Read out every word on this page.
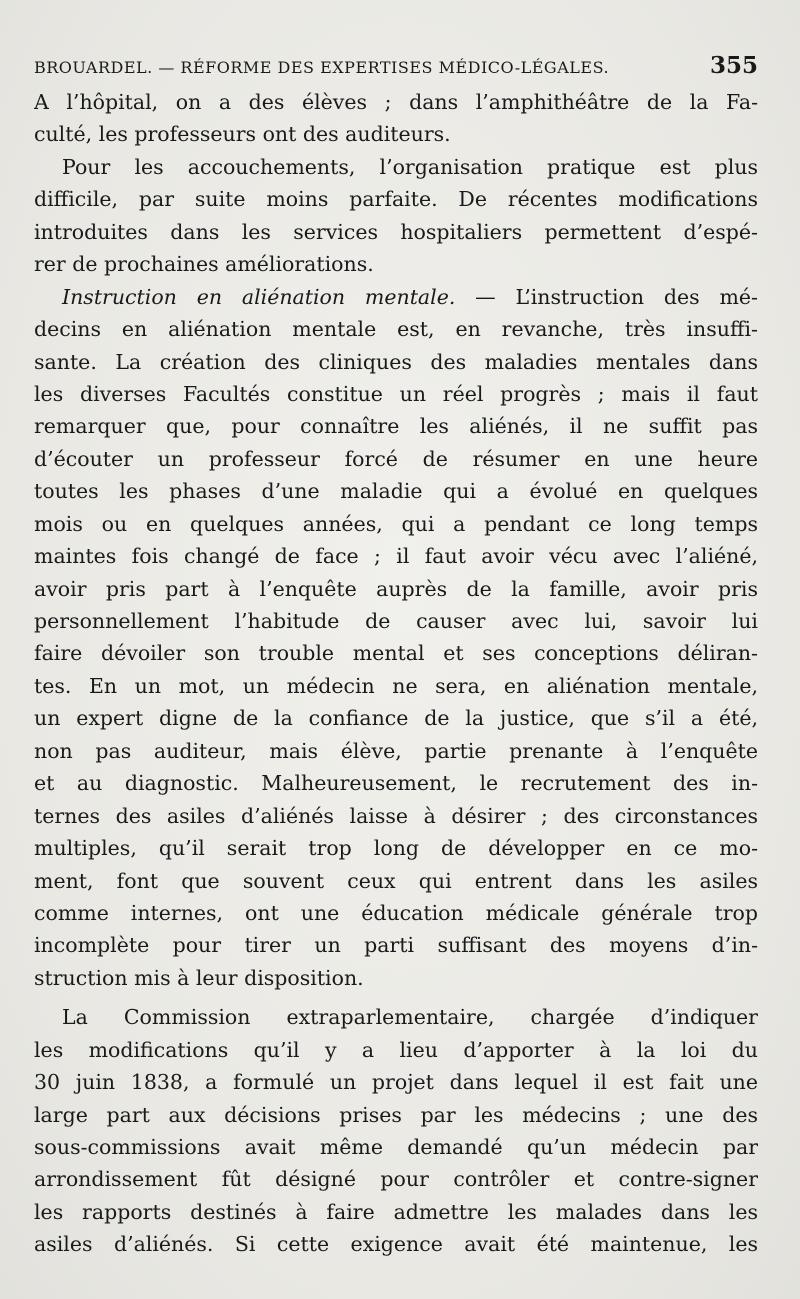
BROUARDEL. — RÉFORME DES EXPERTISES MÉDICO-LÉGALES.	355
A l’hôpital, on a des élèves ; dans l’amphithéâtre de la Fa-
culté, les professeurs ont des auditeurs.
Pour les accouchements, l’organisation pratique est plus
difficile, par suite moins parfaite. De récentes modifications
introduites dans les services hospitaliers permettent d’espé-
rer de prochaines améliorations.
Instruction en aliénation mentale. — L’instruction des mé-
decins en aliénation mentale est, en revanche, très insuffi-
sante. La création des cliniques des maladies mentales dans
les diverses Facultés constitue un réel progrès ; mais il faut
remarquer que, pour connaître les aliénés, il ne suffit pas
d’écouter un professeur forcé de résumer en une heure
toutes les phases d’une maladie qui a évolué en quelques
mois ou en quelques années, qui a pendant ce long temps
maintes fois changé de face ; il faut avoir vécu avec l’aliéné,
avoir pris part à l’enquête auprès de la famille, avoir pris
personnellement l’habitude de causer avec lui, savoir lui
faire dévoiler son trouble mental et ses conceptions déliran-
tes. En un mot, un médecin ne sera, en aliénation mentale,
un expert digne de la confiance de la justice, que s’il a été,
non pas auditeur, mais élève, partie prenante à l’enquête
et au diagnostic. Malheureusement, le recrutement des in-
ternes des asiles d’aliénés laisse à désirer ; des circonstances
multiples, qu’il serait trop long de développer en ce mo-
ment, font que souvent ceux qui entrent dans les asiles
comme internes, ont une éducation médicale générale trop
incomplète pour tirer un parti suffisant des moyens d’in-
struction mis à leur disposition.
La Commission extraparlementaire, chargée d’indiquer
les modifications qu’il y a lieu d’apporter à la loi du
30 juin 1838, a formulé un projet dans lequel il est fait une
large part aux décisions prises par les médecins ; une des
sous-commissions avait même demandé qu’un médecin par
arrondissement fût désigné pour contrôler et contre-signer
les rapports destinés à faire admettre les malades dans les
asiles d’aliénés. Si cette exigence avait été maintenue, les
